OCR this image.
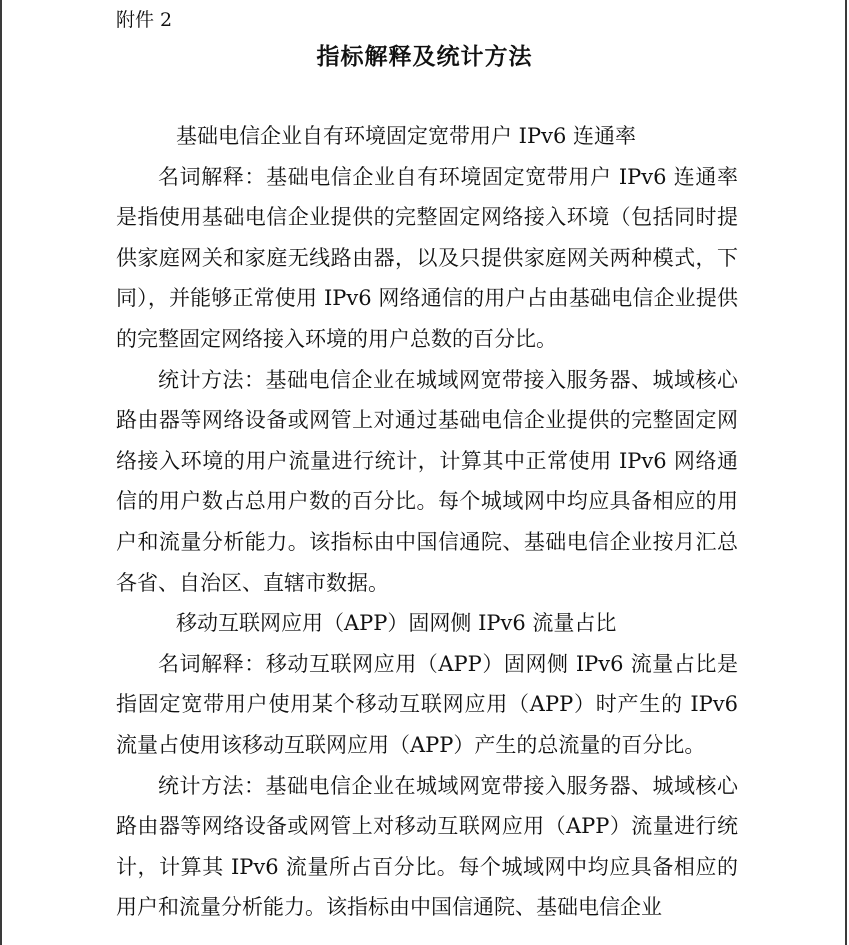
附件 2

指标解释及统计方法

基础电信企业自有环境固定宽带用户 IPv6 连通率

名词解释：基础电信企业自有环境固定宽带用户 IPv6 连通率是指使用基础电信企业提供的完整固定网络接入环境（包括同时提供家庭网关和家庭无线路由器，以及只提供家庭网关两种模式，下同），并能够正常使用 IPv6 网络通信的用户占由基础电信企业提供的完整固定网络接入环境的用户总数的百分比。

统计方法：基础电信企业在城域网宽带接入服务器、城域核心路由器等网络设备或网管上对通过基础电信企业提供的完整固定网络接入环境的用户流量进行统计，计算其中正常使用 IPv6 网络通信的用户数占总用户数的百分比。每个城域网中均应具备相应的用户和流量分析能力。该指标由中国信通院、基础电信企业按月汇总各省、自治区、直辖市数据。

移动互联网应用（APP）固网侧 IPv6 流量占比

名词解释：移动互联网应用（APP）固网侧 IPv6 流量占比是指固定宽带用户使用某个移动互联网应用（APP）时产生的 IPv6 流量占使用该移动互联网应用（APP）产生的总流量的百分比。

统计方法：基础电信企业在城域网宽带接入服务器、城域核心路由器等网络设备或网管上对移动互联网应用（APP）流量进行统计，计算其 IPv6 流量所占百分比。每个城域网中均应具备相应的用户和流量分析能力。该指标由中国信通院、基础电信企业
